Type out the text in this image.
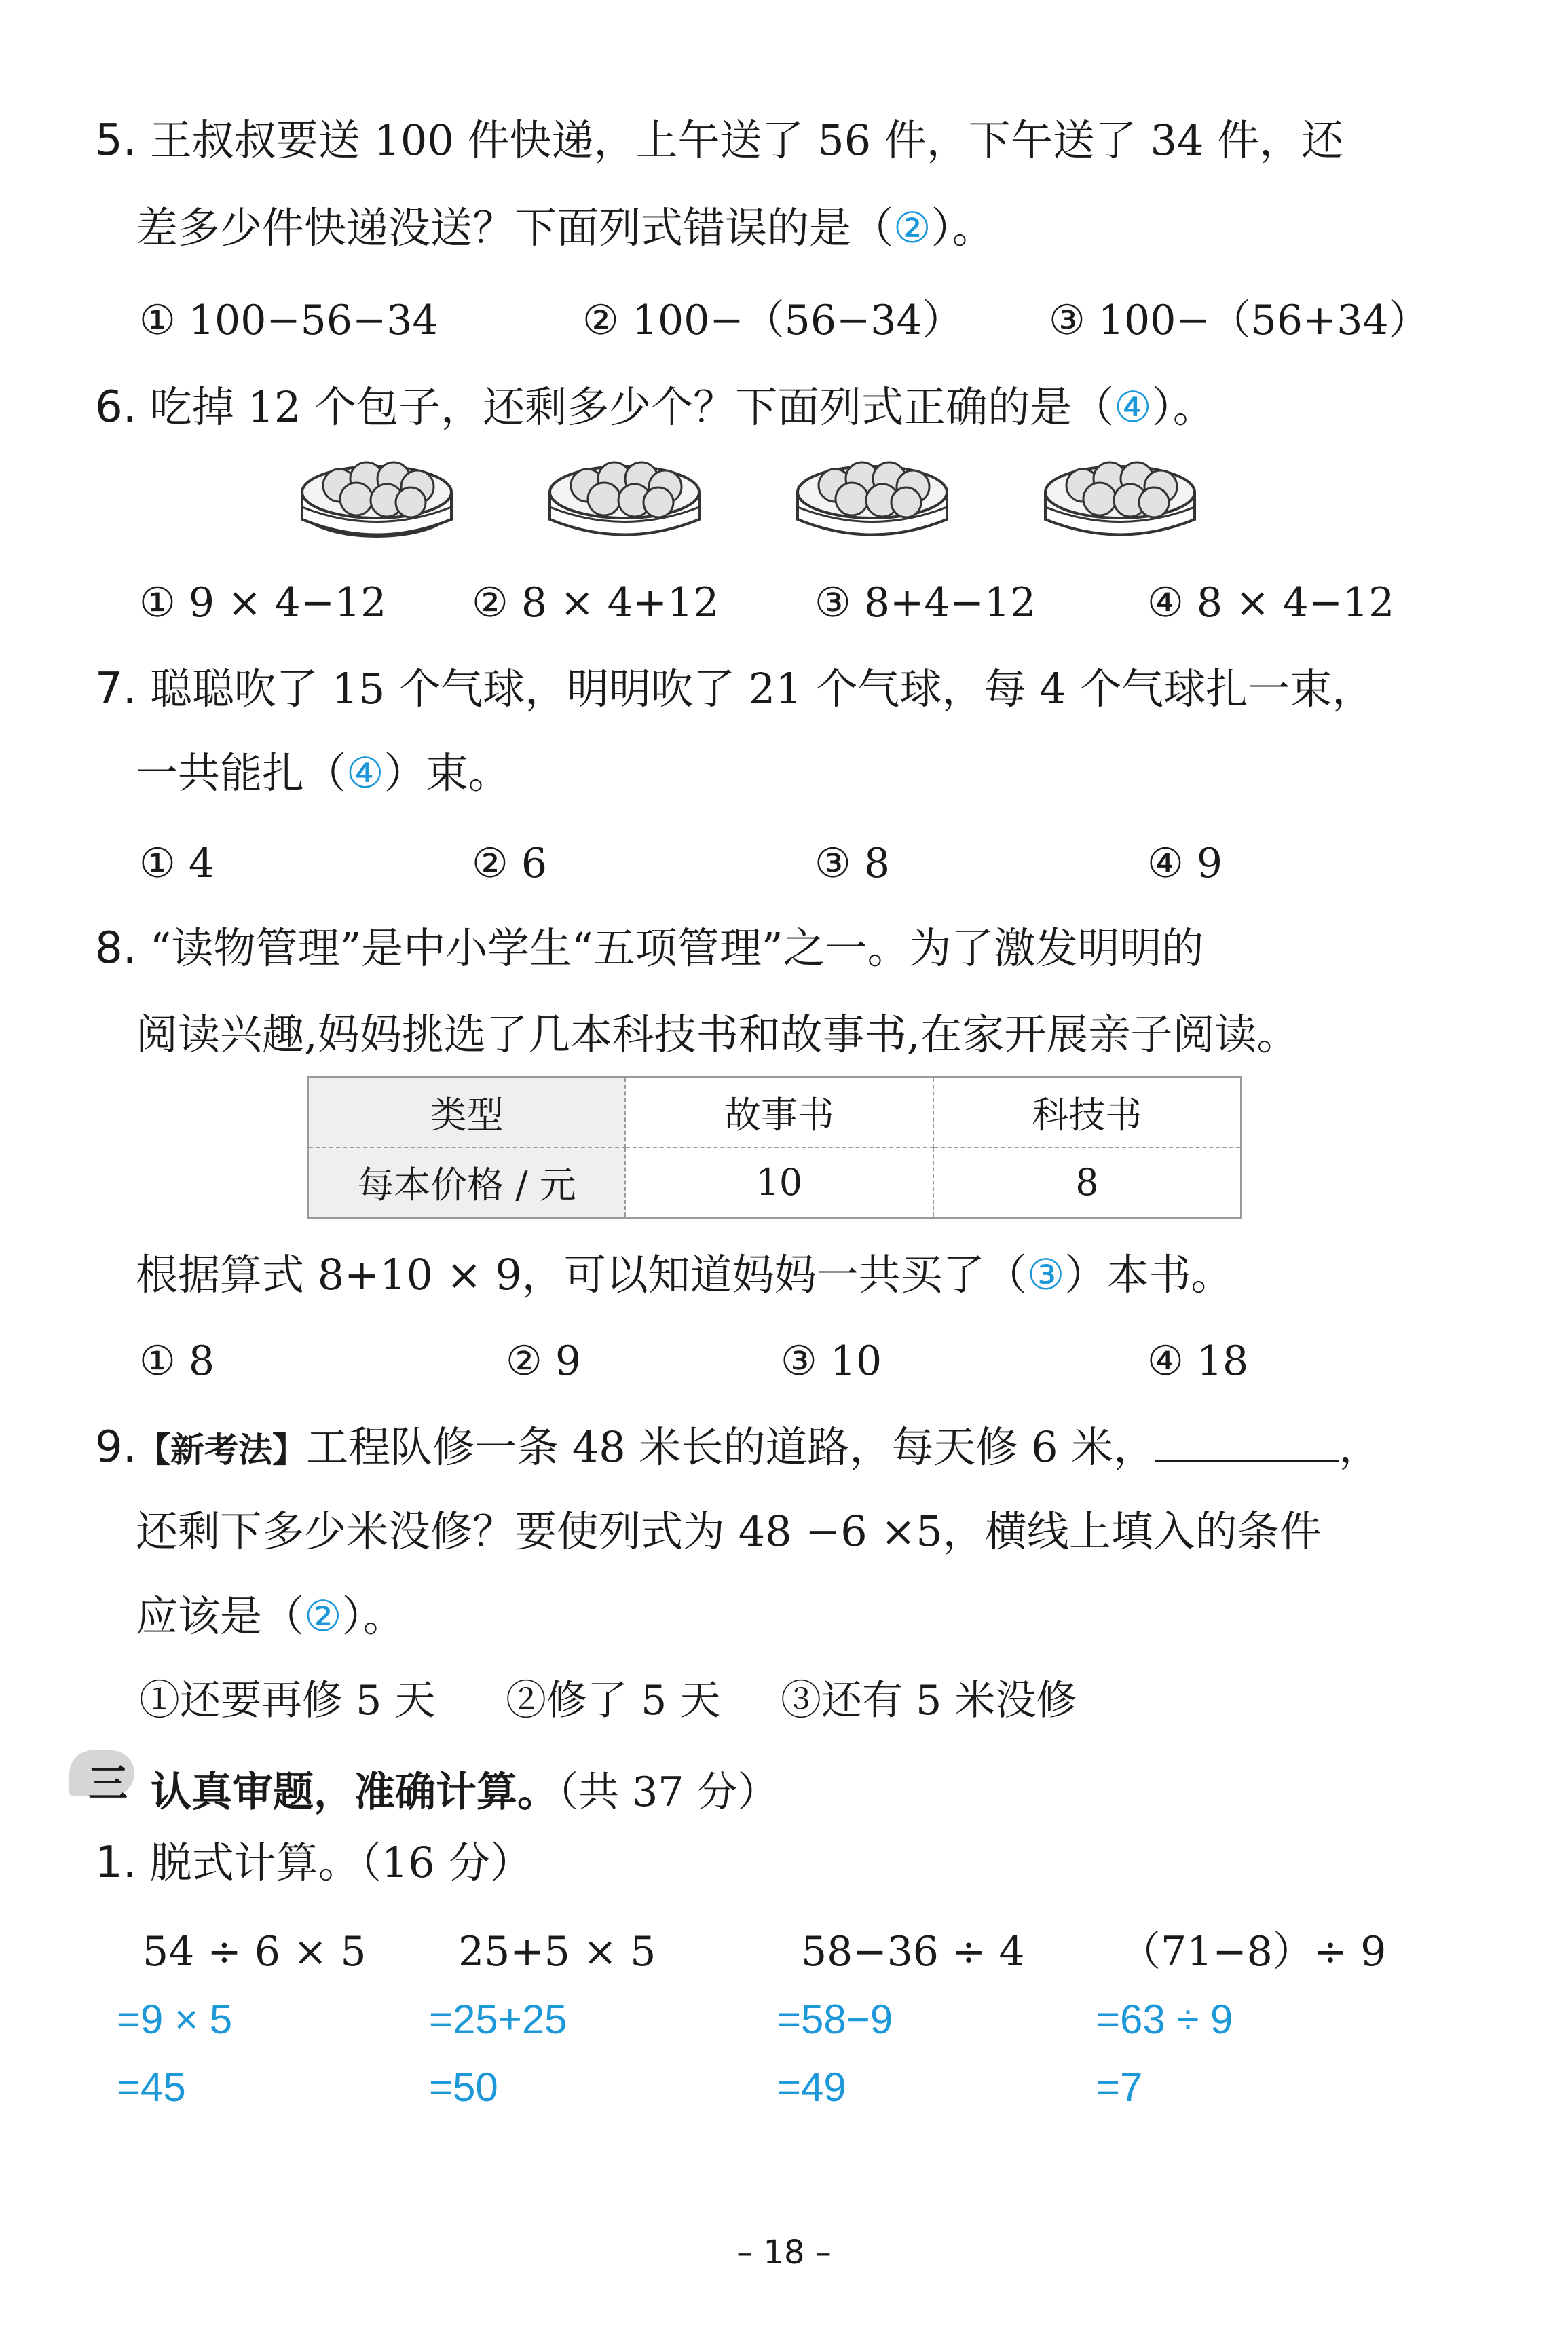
5. 王叔叔要送 100 件快递，上午送了 56 件，下午送了 34 件，还
差多少件快递没送？下面列式错误的是（②）。
① 100−56−34	② 100−（56−34） ③ 100−（56+34）
6. 吃掉 12 个包子，还剩多少个？下面列式正确的是（④）。
① 9 × 4−12 ② 8 × 4+12 ③ 8+4−12	④ 8 × 4−12
7. 聪聪吹了 15 个气球，明明吹了 21 个气球，每 4 个气球扎一束，
一共能扎（④）束。
① 4	② 6	③ 8	④ 9
8. “读物管理”是中小学生“五项管理”之一。为了激发明明的
阅读兴趣,妈妈挑选了几本科技书和故事书,在家开展亲子阅读。
类型	故事书	科技书
每本价格 / 元	10	8
根据算式 8+10 × 9，可以知道妈妈一共买了（③）本书。
① 8	② 9	③ 10	④ 18
9.【新考法】工程队修一条 48 米长的道路，每天修 6 米，	，
还剩下多少米没修？要使列式为 48 −6 ×5，横线上填入的条件
应该是（②）。
①还要再修 5 天 ②修了 5 天 ③还有 5 米没修
三 认真审题，准确计算。（共 37 分）
1. 脱式计算。（16 分）
54 ÷ 6 × 5 25+5 × 5	58−36 ÷ 4 （71−8）÷ 9
=9 × 5	=25+25	=58−9	=63 ÷ 9
=45	=50	=49	=7
– 18 –
